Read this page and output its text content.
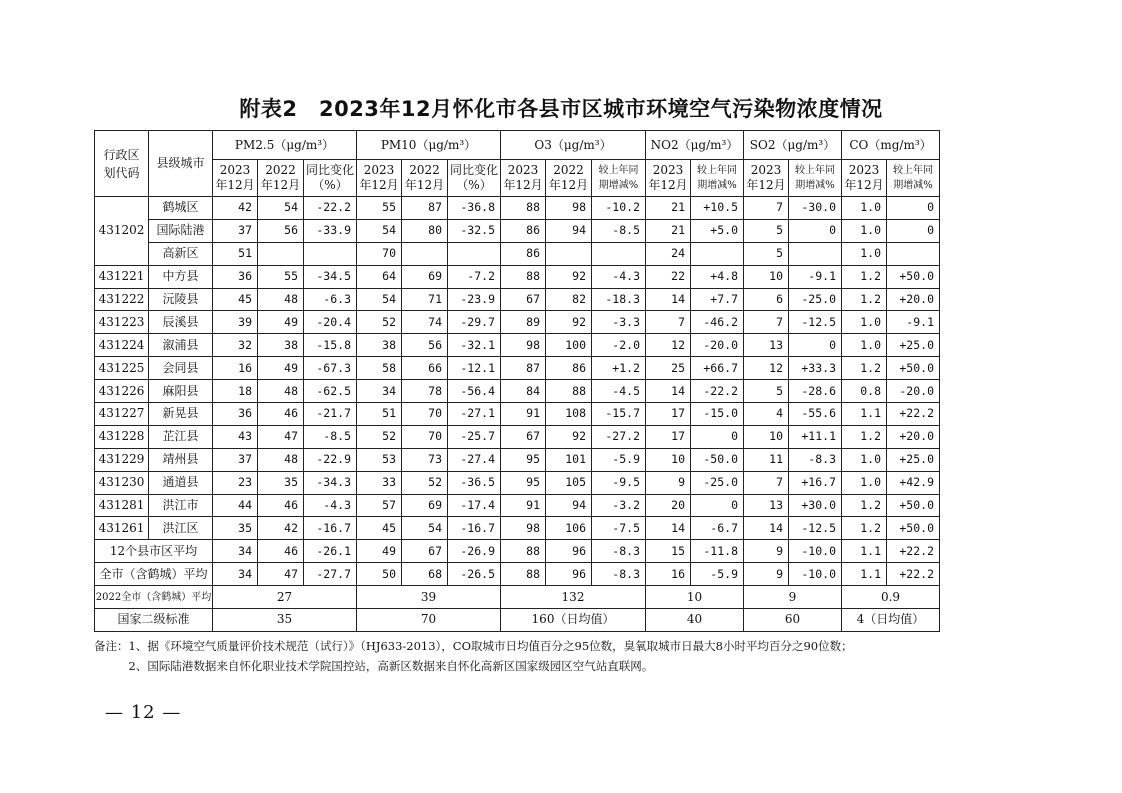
附表2　2023年12月怀化市各县市区城市环境空气污染物浓度情况
行政区划代码	县级城市	PM2.5（μg/m³）			PM10（μg/m³）			O3（μg/m³）			NO2（μg/m³）		SO2（μg/m³）		CO（mg/m³）	
		2023年12月	2022年12月	同比变化（%）	2023年12月	2022年12月	同比变化（%）	2023年12月	2022年12月	较上年同期增减%	2023年12月	较上年同期增减%	2023年12月	较上年同期增减%	2023年12月	较上年同期增减%
431202	鹤城区	42	54	-22.2	55	87	-36.8	88	98	-10.2	21	+10.5	7	-30.0	1.0	0
	国际陆港	37	56	-33.9	54	80	-32.5	86	94	-8.5	21	+5.0	5	0	1.0	0
	高新区	51			70			86			24		5		1.0	
431221	中方县	36	55	-34.5	64	69	-7.2	88	92	-4.3	22	+4.8	10	-9.1	1.2	+50.0
431222	沅陵县	45	48	-6.3	54	71	-23.9	67	82	-18.3	14	+7.7	6	-25.0	1.2	+20.0
431223	辰溪县	39	49	-20.4	52	74	-29.7	89	92	-3.3	7	-46.2	7	-12.5	1.0	-9.1
431224	溆浦县	32	38	-15.8	38	56	-32.1	98	100	-2.0	12	-20.0	13	0	1.0	+25.0
431225	会同县	16	49	-67.3	58	66	-12.1	87	86	+1.2	25	+66.7	12	+33.3	1.2	+50.0
431226	麻阳县	18	48	-62.5	34	78	-56.4	84	88	-4.5	14	-22.2	5	-28.6	0.8	-20.0
431227	新晃县	36	46	-21.7	51	70	-27.1	91	108	-15.7	17	-15.0	4	-55.6	1.1	+22.2
431228	芷江县	43	47	-8.5	52	70	-25.7	67	92	-27.2	17	0	10	+11.1	1.2	+20.0
431229	靖州县	37	48	-22.9	53	73	-27.4	95	101	-5.9	10	-50.0	11	-8.3	1.0	+25.0
431230	通道县	23	35	-34.3	33	52	-36.5	95	105	-9.5	9	-25.0	7	+16.7	1.0	+42.9
431281	洪江市	44	46	-4.3	57	69	-17.4	91	94	-3.2	20	0	13	+30.0	1.2	+50.0
431261	洪江区	35	42	-16.7	45	54	-16.7	98	106	-7.5	14	-6.7	14	-12.5	1.2	+50.0
12个县市区平均		34	46	-26.1	49	67	-26.9	88	96	-8.3	15	-11.8	9	-10.0	1.1	+22.2
全市（含鹤城）平均		34	47	-27.7	50	68	-26.5	88	96	-8.3	16	-5.9	9	-10.0	1.1	+22.2
2022全市（含鹤城）平均		27			39			132			10		9		0.9	
国家二级标准		35			70			160（日均值）			40		60		4（日均值）	
备注：1、据《环境空气质量评价技术规范（试行）》（HJ633-2013），CO取城市日均值百分之95位数，臭氧取城市日最大8小时平均百分之90位数；
　　　2、国际陆港数据来自怀化职业技术学院国控站，高新区数据来自怀化高新区国家级园区空气站直联网。
— 12 —
